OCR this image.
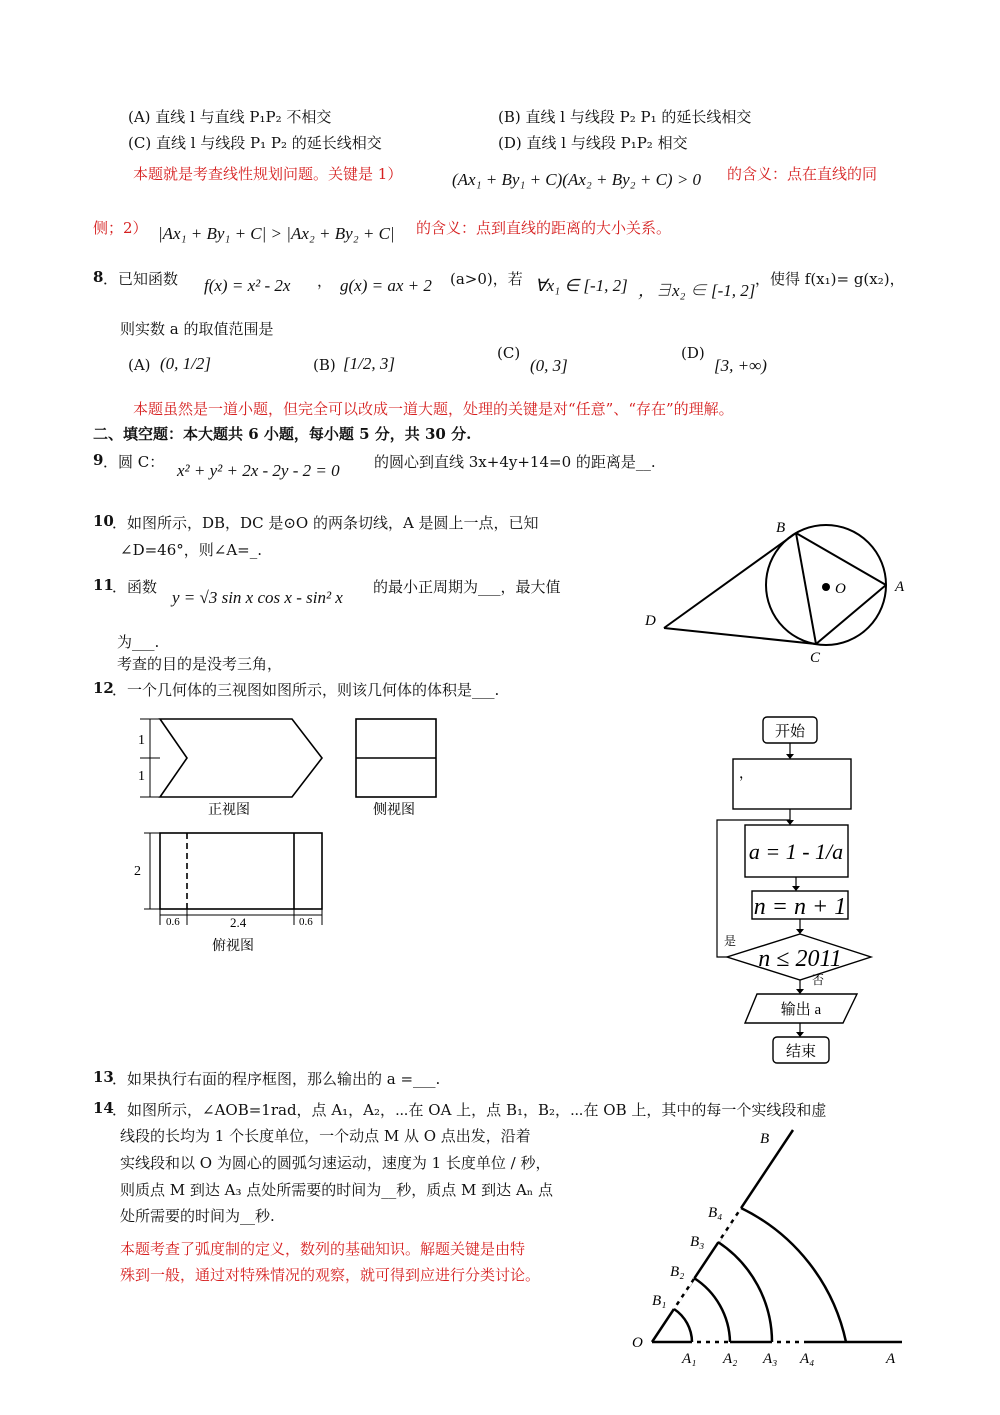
(A) 直线 l 与直线 P₁P₂ 不相交	(B) 直线 l 与线段 P₂ P₁ 的延长线相交
(C) 直线 l 与线段 P₁ P₂ 的延长线相交	(D) 直线 l 与线段 P₁P₂ 相交
本题就是考查线性规划问题。关键是 1）	(Ax₁ + By₁ + C)(Ax₂ + By₂ + C) > 0 的含义：点在直线的同
侧；2） |Ax₁ + By₁ + C| > |Ax₂ + By₂ + C| 的含义：点到直线的距离的大小关系。
8 ．已知函数 f(x) = x² - 2x ， g(x) = ax + 2 (a>0)，若 ∀x₁ ∈ [-1, 2] ，∃x₂ ∈ [-1, 2]
，使得 f(x₁)= g(x₂)，
则实数 a 的取值范围是
(A) (0, 1/2]	(B) [1/2, 3]
(C)
(0, 3]
(D)
[3, +∞)
本题虽然是一道小题，但完全可以改成一道大题，处理的关键是对“任意”、“存在”的理解。
二、填空题：本大题共 6 小题，每小题 5 分，共 30 分.
9 ．圆 C： x² + y² + 2x - 2y - 2 = 0 的圆心到直线 3x+4y+14=0 的距离是__.
10
．如图所示，DB，DC 是⊙O 的两条切线，A 是圆上一点，已知
∠D=46°，则∠A=_.
11
．函数
y = √3 sin x cos x - sin² x
的最小正周期为___，最大值
为___.
考查的目的是没考三角，
12
．一个几何体的三视图如图所示，则该几何体的体积是___.
13
．如果执行右面的程序框图，那么输出的 a =___.
14
．如图所示，∠AOB=1rad，点 A₁，A₂，⋯在 OA 上，点 B₁，B₂，⋯在 OB 上，其中的每一个实线段和虚
线段的长均为 1 个长度单位，一个动点 M 从 O 点出发，沿着
实线段和以 O 为圆心的圆弧匀速运动，速度为 1 长度单位 / 秒，
则质点 M 到达 A₃ 点处所需要的时间为__秒，质点 M 到达 Aₙ 点
处所需要的时间为__秒.
本题考查了弧度制的定义，数列的基础知识。解题关键是由特
殊到一般，通过对特殊情况的观察，就可得到应进行分类讨论。
B
O	A
D
C
1
1
正视图	侧视图
2
0.6	2.4	0.6
俯视图
开始
，
a = 1 - 1/a
n = n + 1
n ≤ 2011
是
否
输出 a
结束
O
A
B
A₁ A₂ A₃ A₄
B₁
B₂
B₃
B₄
